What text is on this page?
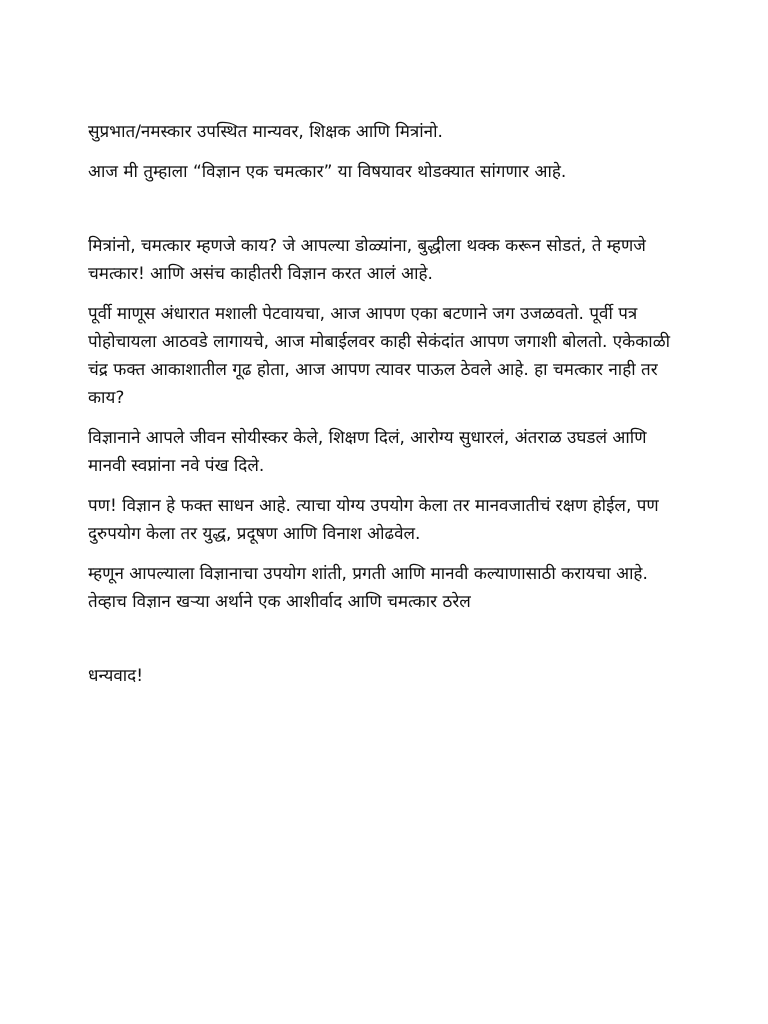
सुप्रभात/नमस्कार उपस्थित मान्यवर, शिक्षक आणि मित्रांनो.

आज मी तुम्हाला “विज्ञान एक चमत्कार” या विषयावर थोडक्यात सांगणार आहे.

मित्रांनो, चमत्कार म्हणजे काय? जे आपल्या डोळ्यांना, बुद्धीला थक्क करून सोडतं, ते म्हणजे चमत्कार! आणि असंच काहीतरी विज्ञान करत आलं आहे.

पूर्वी माणूस अंधारात मशाली पेटवायचा, आज आपण एका बटणाने जग उजळवतो. पूर्वी पत्र पोहोचायला आठवडे लागायचे, आज मोबाईलवर काही सेकंदांत आपण जगाशी बोलतो. एकेकाळी चंद्र फक्त आकाशातील गूढ होता, आज आपण त्यावर पाऊल ठेवले आहे. हा चमत्कार नाही तर काय?

विज्ञानाने आपले जीवन सोयीस्कर केले, शिक्षण दिलं, आरोग्य सुधारलं, अंतराळ उघडलं आणि मानवी स्वप्नांना नवे पंख दिले.

पण! विज्ञान हे फक्त साधन आहे. त्याचा योग्य उपयोग केला तर मानवजातीचं रक्षण होईल, पण दुरुपयोग केला तर युद्ध, प्रदूषण आणि विनाश ओढवेल.

म्हणून आपल्याला विज्ञानाचा उपयोग शांती, प्रगती आणि मानवी कल्याणासाठी करायचा आहे. तेव्हाच विज्ञान खऱ्या अर्थाने एक आशीर्वाद आणि चमत्कार ठरेल

धन्यवाद!
